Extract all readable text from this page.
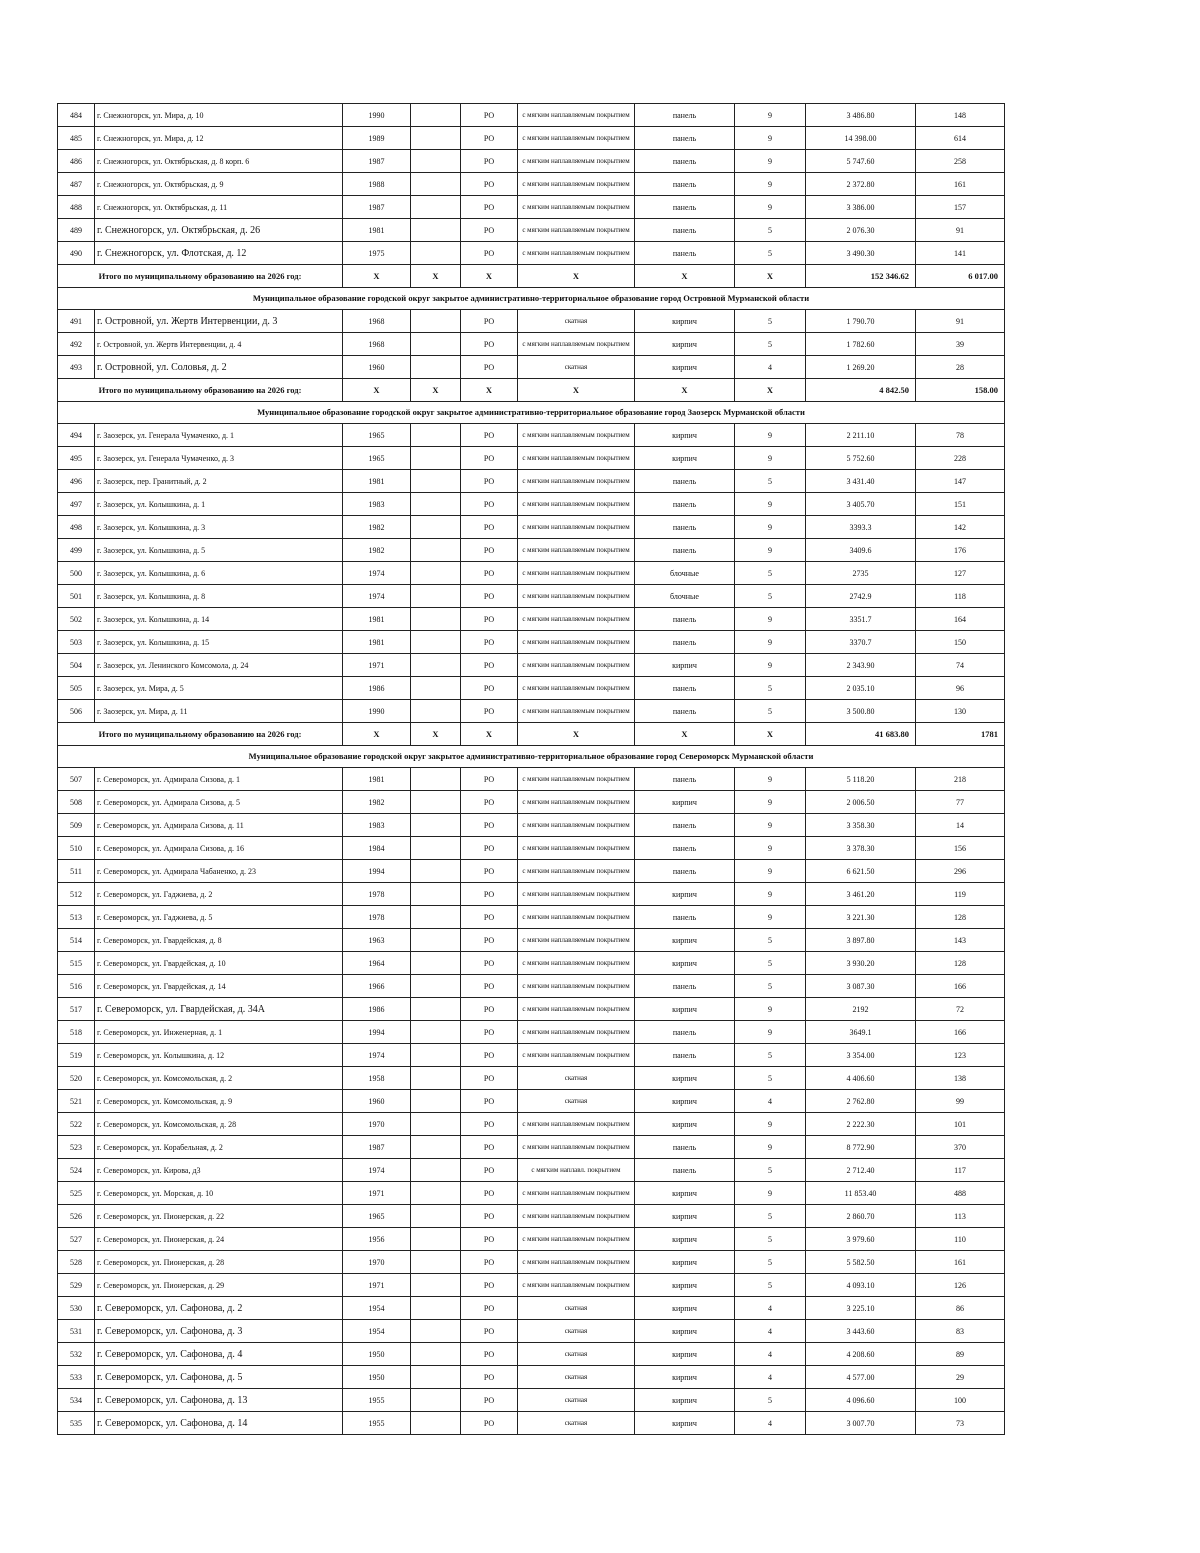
484	г. Снежногорск, ул. Мира, д. 10	1990		РО	с мягким наплавляемым покрытием	панель	9	3 486.80	148
485	г. Снежногорск, ул. Мира, д. 12	1989		РО	с мягким наплавляемым покрытием	панель	9	14 398.00	614
486	г. Снежногорск, ул. Октябрьская, д. 8 корп. 6	1987		РО	с мягким наплавляемым покрытием	панель	9	5 747.60	258
487	г. Снежногорск, ул. Октябрьская, д. 9	1988		РО	с мягким наплавляемым покрытием	панель	9	2 372.80	161
488	г. Снежногорск, ул. Октябрьская, д. 11	1987		РО	с мягким наплавляемым покрытием	панель	9	3 386.00	157
489	г. Снежногорск, ул. Октябрьская, д. 26	1981		РО	с мягким наплавляемым покрытием	панель	5	2 076.30	91
490	г. Снежногорск, ул. Флотская, д. 12	1975		РО	с мягким наплавляемым покрытием	панель	5	3 490.30	141
Итого по муниципальному образованию на 2026 год:		X	X	X	X	X	X	152 346.62	6 017.00
Муниципальное образование городской округ закрытое административно-территориальное образование город Островной Мурманской области									
491	г. Островной, ул. Жертв Интервенции, д. 3	1968		РО	скатная	кирпич	5	1 790.70	91
492	г. Островной, ул. Жертв Интервенции, д. 4	1968		РО	с мягким наплавляемым покрытием	кирпич	5	1 782.60	39
493	г. Островной, ул. Соловья, д. 2	1960		РО	скатная	кирпич	4	1 269.20	28
Итого по муниципальному образованию на 2026 год:		X	X	X	X	X	X	4 842.50	158.00
Муниципальное образование городской округ закрытое административно-территориальное образование город Заозерск Мурманской области									
494	г. Заозерск, ул. Генерала Чумаченко, д. 1	1965		РО	с мягким наплавляемым покрытием	кирпич	9	2 211.10	78
495	г. Заозерск, ул. Генерала Чумаченко, д. 3	1965		РО	с мягким наплавляемым покрытием	кирпич	9	5 752.60	228
496	г. Заозерск, пер. Гранитный, д. 2	1981		РО	с мягким наплавляемым покрытием	панель	5	3 431.40	147
497	г. Заозерск, ул. Колышкина, д. 1	1983		РО	с мягким наплавляемым покрытием	панель	9	3 405.70	151
498	г. Заозерск, ул. Колышкина, д. 3	1982		РО	с мягким наплавляемым покрытием	панель	9	3393.3	142
499	г. Заозерск, ул. Колышкина, д. 5	1982		РО	с мягким наплавляемым покрытием	панель	9	3409.6	176
500	г. Заозерск, ул. Колышкина, д. 6	1974		РО	с мягким наплавляемым покрытием	блочные	5	2735	127
501	г. Заозерск, ул. Колышкина, д. 8	1974		РО	с мягким наплавляемым покрытием	блочные	5	2742.9	118
502	г. Заозерск, ул. Колышкина, д. 14	1981		РО	с мягким наплавляемым покрытием	панель	9	3351.7	164
503	г. Заозерск, ул. Колышкина, д. 15	1981		РО	с мягким наплавляемым покрытием	панель	9	3370.7	150
504	г. Заозерск, ул. Ленинского Комсомола, д. 24	1971		РО	с мягким наплавляемым покрытием	кирпич	9	2 343.90	74
505	г. Заозерск, ул. Мира, д. 5	1986		РО	с мягким наплавляемым покрытием	панель	5	2 035.10	96
506	г. Заозерск, ул. Мира, д. 11	1990		РО	с мягким наплавляемым покрытием	панель	5	3 500.80	130
Итого по муниципальному образованию на 2026 год:		X	X	X	X	X	X	41 683.80	1781
Муниципальное образование городской округ закрытое административно-территориальное образование город Североморск Мурманской области									
507	г. Североморск, ул. Адмирала Сизова, д. 1	1981		РО	с мягким наплавляемым покрытием	панель	9	5 118.20	218
508	г. Североморск, ул. Адмирала Сизова, д. 5	1982		РО	с мягким наплавляемым покрытием	кирпич	9	2 006.50	77
509	г. Североморск, ул. Адмирала Сизова, д. 11	1983		РО	с мягким наплавляемым покрытием	панель	9	3 358.30	14
510	г. Североморск, ул. Адмирала Сизова, д. 16	1984		РО	с мягким наплавляемым покрытием	панель	9	3 378.30	156
511	г. Североморск, ул. Адмирала Чабаненко, д. 23	1994		РО	с мягким наплавляемым покрытием	панель	9	6 621.50	296
512	г. Североморск, ул. Гаджиева, д. 2	1978		РО	с мягким наплавляемым покрытием	кирпич	9	3 461.20	119
513	г. Североморск, ул. Гаджиева, д. 5	1978		РО	с мягким наплавляемым покрытием	панель	9	3 221.30	128
514	г. Североморск, ул. Гвардейская, д. 8	1963		РО	с мягким наплавляемым покрытием	кирпич	5	3 897.80	143
515	г. Североморск, ул. Гвардейская, д. 10	1964		РО	с мягким наплавляемым покрытием	кирпич	5	3 930.20	128
516	г. Североморск, ул. Гвардейская, д. 14	1966		РО	с мягким наплавляемым покрытием	панель	5	3 087.30	166
517	г. Североморск, ул. Гвардейская, д. 34А	1986		РО	с мягким наплавляемым покрытием	кирпич	9	2192	72
518	г. Североморск, ул. Инженерная, д. 1	1994		РО	с мягким наплавляемым покрытием	панель	9	3649.1	166
519	г. Североморск, ул. Колышкина, д. 12	1974		РО	с мягким наплавляемым покрытием	панель	5	3 354.00	123
520	г. Североморск, ул. Комсомольская, д. 2	1958		РО	скатная	кирпич	5	4 406.60	138
521	г. Североморск, ул. Комсомольская, д. 9	1960		РО	скатная	кирпич	4	2 762.80	99
522	г. Североморск, ул. Комсомольская, д. 28	1970		РО	с мягким наплавляемым покрытием	кирпич	9	2 222.30	101
523	г. Североморск, ул. Корабельная, д. 2	1987		РО	с мягким наплавляемым покрытием	панель	9	8 772.90	370
524	г. Североморск, ул. Кирова, д3	1974		РО	с мягким наплавл. покрытием	панель	5	2 712.40	117
525	г. Североморск, ул. Морская, д. 10	1971		РО	с мягким наплавляемым покрытием	кирпич	9	11 853.40	488
526	г. Североморск, ул. Пионерская, д. 22	1965		РО	с мягким наплавляемым покрытием	кирпич	5	2 860.70	113
527	г. Североморск, ул. Пионерская, д. 24	1956		РО	с мягким наплавляемым покрытием	кирпич	5	3 979.60	110
528	г. Североморск, ул. Пионерская, д. 28	1970		РО	с мягким наплавляемым покрытием	кирпич	5	5 582.50	161
529	г. Североморск, ул. Пионерская, д. 29	1971		РО	с мягким наплавляемым покрытием	кирпич	5	4 093.10	126
530	г. Североморск, ул. Сафонова, д. 2	1954		РО	скатная	кирпич	4	3 225.10	86
531	г. Североморск, ул. Сафонова, д. 3	1954		РО	скатная	кирпич	4	3 443.60	83
532	г. Североморск, ул. Сафонова, д. 4	1950		РО	скатная	кирпич	4	4 208.60	89
533	г. Североморск, ул. Сафонова, д. 5	1950		РО	скатная	кирпич	4	4 577.00	29
534	г. Североморск, ул. Сафонова, д. 13	1955		РО	скатная	кирпич	5	4 096.60	100
535	г. Североморск, ул. Сафонова, д. 14	1955		РО	скатная	кирпич	4	3 007.70	73
